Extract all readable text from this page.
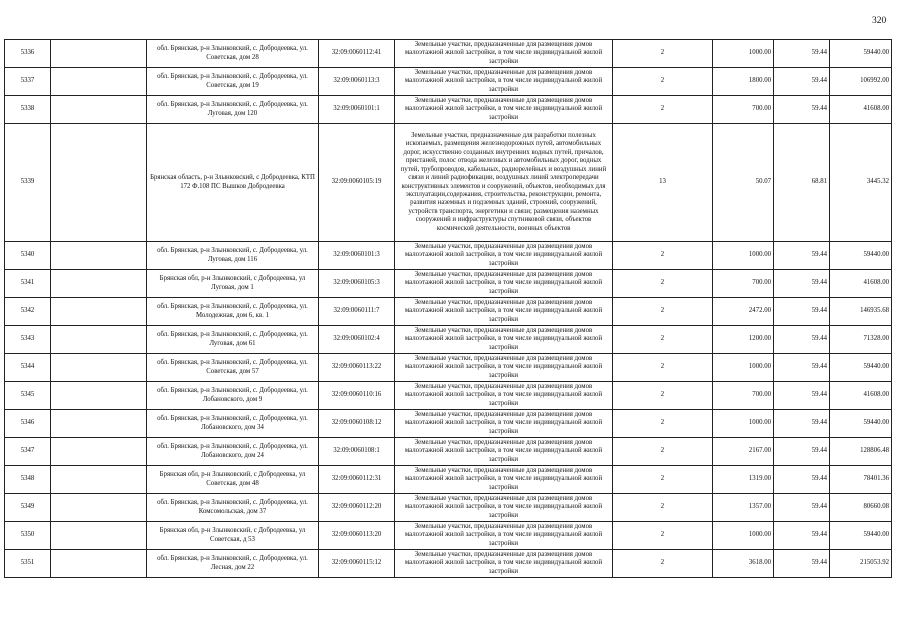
320
5336		обл. Брянская, р-н Злынковский, с. Добродеевка, ул. Советская, дом 28	32:09:0060112:41	Земельные участки, предназначенные для размещения домов малоэтажной жилой застройки, в том числе индивидуальной жилой застройки	2	1000.00	59.44	59440.00
5337		обл. Брянская, р-н Злынковский, с. Добродеевка, ул. Советская, дом 19	32:09:0060113:3	Земельные участки, предназначенные для размещения домов малоэтажной жилой застройки, в том числе индивидуальной жилой застройки	2	1800.00	59.44	106992.00
5338		обл. Брянская, р-н Злынковский, с. Добродеевка, ул. Луговая, дом 120	32:09:0060101:1	Земельные участки, предназначенные для размещения домов малоэтажной жилой застройки, в том числе индивидуальной жилой застройки	2	700.00	59.44	41608.00
5339		Брянская область, р-н Злынковский, с Добродеевка, КТП 172 Ф.108 ПС Вышков Добродеевка	32:09:0060105:19	Земельные участки, предназначенные для разработки полезных ископаемых, размещения железнодорожных путей, автомобильных дорог, искусственно созданных внутренних водных путей, причалов, пристаней, полос отвода железных и автомобильных дорог, водных путей, трубопроводов, кабельных, радиорелейных и воздушных линий связи и линий радиофикации, воздушных линий электропередачи конструктивных элементов и сооружений, объектов, необходимых для эксплуатации,содержания, строительства, реконструкции, ремонта, развития наземных и подземных зданий, строений, сооружений, устройств транспорта, энергетики и связи; размещения наземных сооружений и инфраструктуры спутниковой связи, объектов космической деятельности, военных объектов	13	50.07	68.81	3445.32
5340		обл. Брянская, р-н Злынковский, с. Добродеевка, ул. Луговая, дом 116	32:09:0060101:3	Земельные участки, предназначенные для размещения домов малоэтажной жилой застройки, в том числе индивидуальной жилой застройки	2	1000.00	59.44	59440.00
5341		Брянская обл, р-н Злынковский, с Добродеевка, ул Луговая, дом 1	32:09:0060105:3	Земельные участки, предназначенные для размещения домов малоэтажной жилой застройки, в том числе индивидуальной жилой застройки	2	700.00	59.44	41608.00
5342		обл. Брянская, р-н Злынковский, с. Добродеевка, ул. Молодежная, дом 6, кв. 1	32:09:0060111:7	Земельные участки, предназначенные для размещения домов малоэтажной жилой застройки, в том числе индивидуальной жилой застройки	2	2472.00	59.44	146935.68
5343		обл. Брянская, р-н Злынковский, с. Добродеевка, ул. Луговая, дом 61	32:09:0060102:4	Земельные участки, предназначенные для размещения домов малоэтажной жилой застройки, в том числе индивидуальной жилой застройки	2	1200.00	59.44	71328.00
5344		обл. Брянская, р-н Злынковский, с. Добродеевка, ул. Советская, дом 57	32:09:0060113:22	Земельные участки, предназначенные для размещения домов малоэтажной жилой застройки, в том числе индивидуальной жилой застройки	2	1000.00	59.44	59440.00
5345		обл. Брянская, р-н Злынковский, с. Добродеевка, ул. Лобановского, дом 9	32:09:0060110:16	Земельные участки, предназначенные для размещения домов малоэтажной жилой застройки, в том числе индивидуальной жилой застройки	2	700.00	59.44	41608.00
5346		обл. Брянская, р-н Злынковский, с. Добродеевка, ул. Лобановского, дом 34	32:09:0060108:12	Земельные участки, предназначенные для размещения домов малоэтажной жилой застройки, в том числе индивидуальной жилой застройки	2	1000.00	59.44	59440.00
5347		обл. Брянская, р-н Злынковский, с. Добродеевка, ул. Лобановского, дом 24	32:09:0060108:1	Земельные участки, предназначенные для размещения домов малоэтажной жилой застройки, в том числе индивидуальной жилой застройки	2	2167.00	59.44	128806.48
5348		Брянская обл, р-н Злынковский, с Добродеевка, ул Советская, дом 48	32:09:0060112:31	Земельные участки, предназначенные для размещения домов малоэтажной жилой застройки, в том числе индивидуальной жилой застройки	2	1319.00	59.44	78401.36
5349		обл. Брянская, р-н Злынковский, с. Добродеевка, ул. Комсомольская, дом 37	32:09:0060112:20	Земельные участки, предназначенные для размещения домов малоэтажной жилой застройки, в том числе индивидуальной жилой застройки	2	1357.00	59.44	80660.08
5350		Брянская обл, р-н Злынковский, с Добродеевка, ул Советская, д 53	32:09:0060113:20	Земельные участки, предназначенные для размещения домов малоэтажной жилой застройки, в том числе индивидуальной жилой застройки	2	1000.00	59.44	59440.00
5351		обл. Брянская, р-н Злынковский, с. Добродеевка, ул. Лесная, дом 22	32:09:0060115:12	Земельные участки, предназначенные для размещения домов малоэтажной жилой застройки, в том числе индивидуальной жилой застройки	2	3618.00	59.44	215053.92
